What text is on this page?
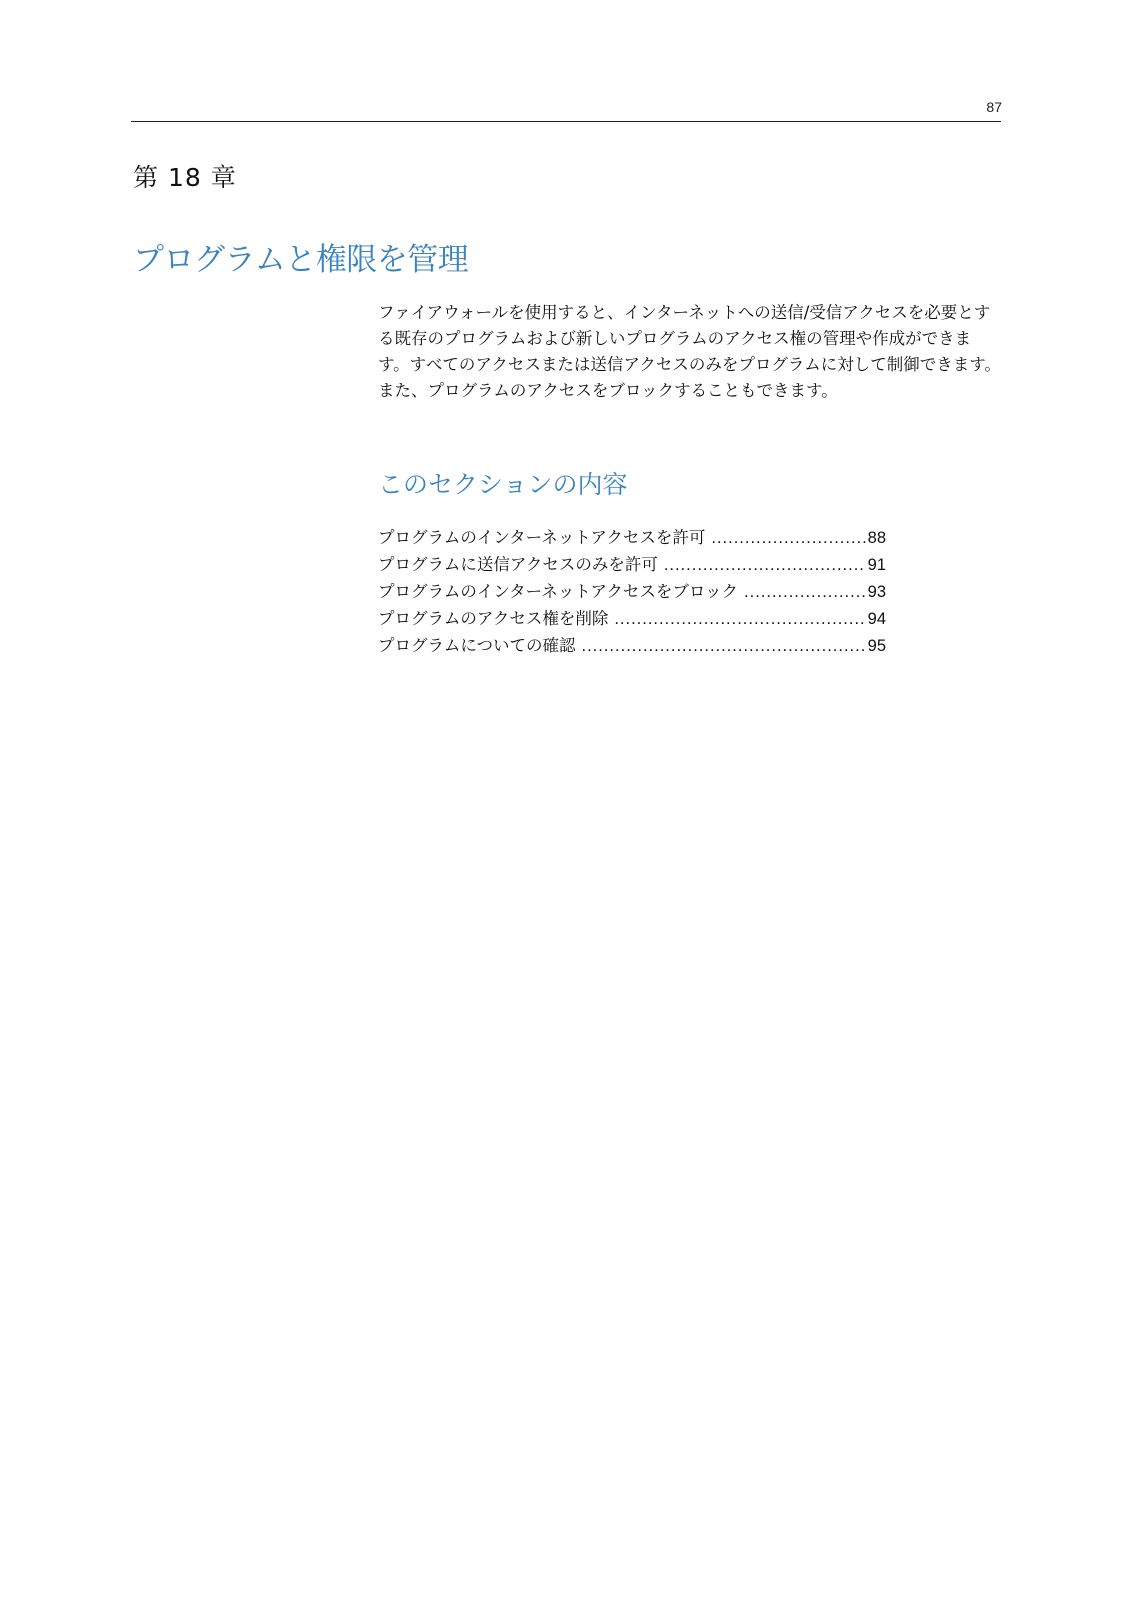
87
第 18 章
プログラムと権限を管理

ファイアウォールを使用すると、インターネットへの送信/受信アクセスを必要とする既存のプログラムおよび新しいプログラムのアクセス権の管理や作成ができます。すべてのアクセスまたは送信アクセスのみをプログラムに対して制御できます。また、プログラムのアクセスをブロックすることもできます。

このセクションの内容
プログラムのインターネットアクセスを許可 .....	88
プログラムに送信アクセスのみを許可 .....	91
プログラムのインターネットアクセスをブロック .....	93
プログラムのアクセス権を削除 .....	94
プログラムについての確認 .....	95
